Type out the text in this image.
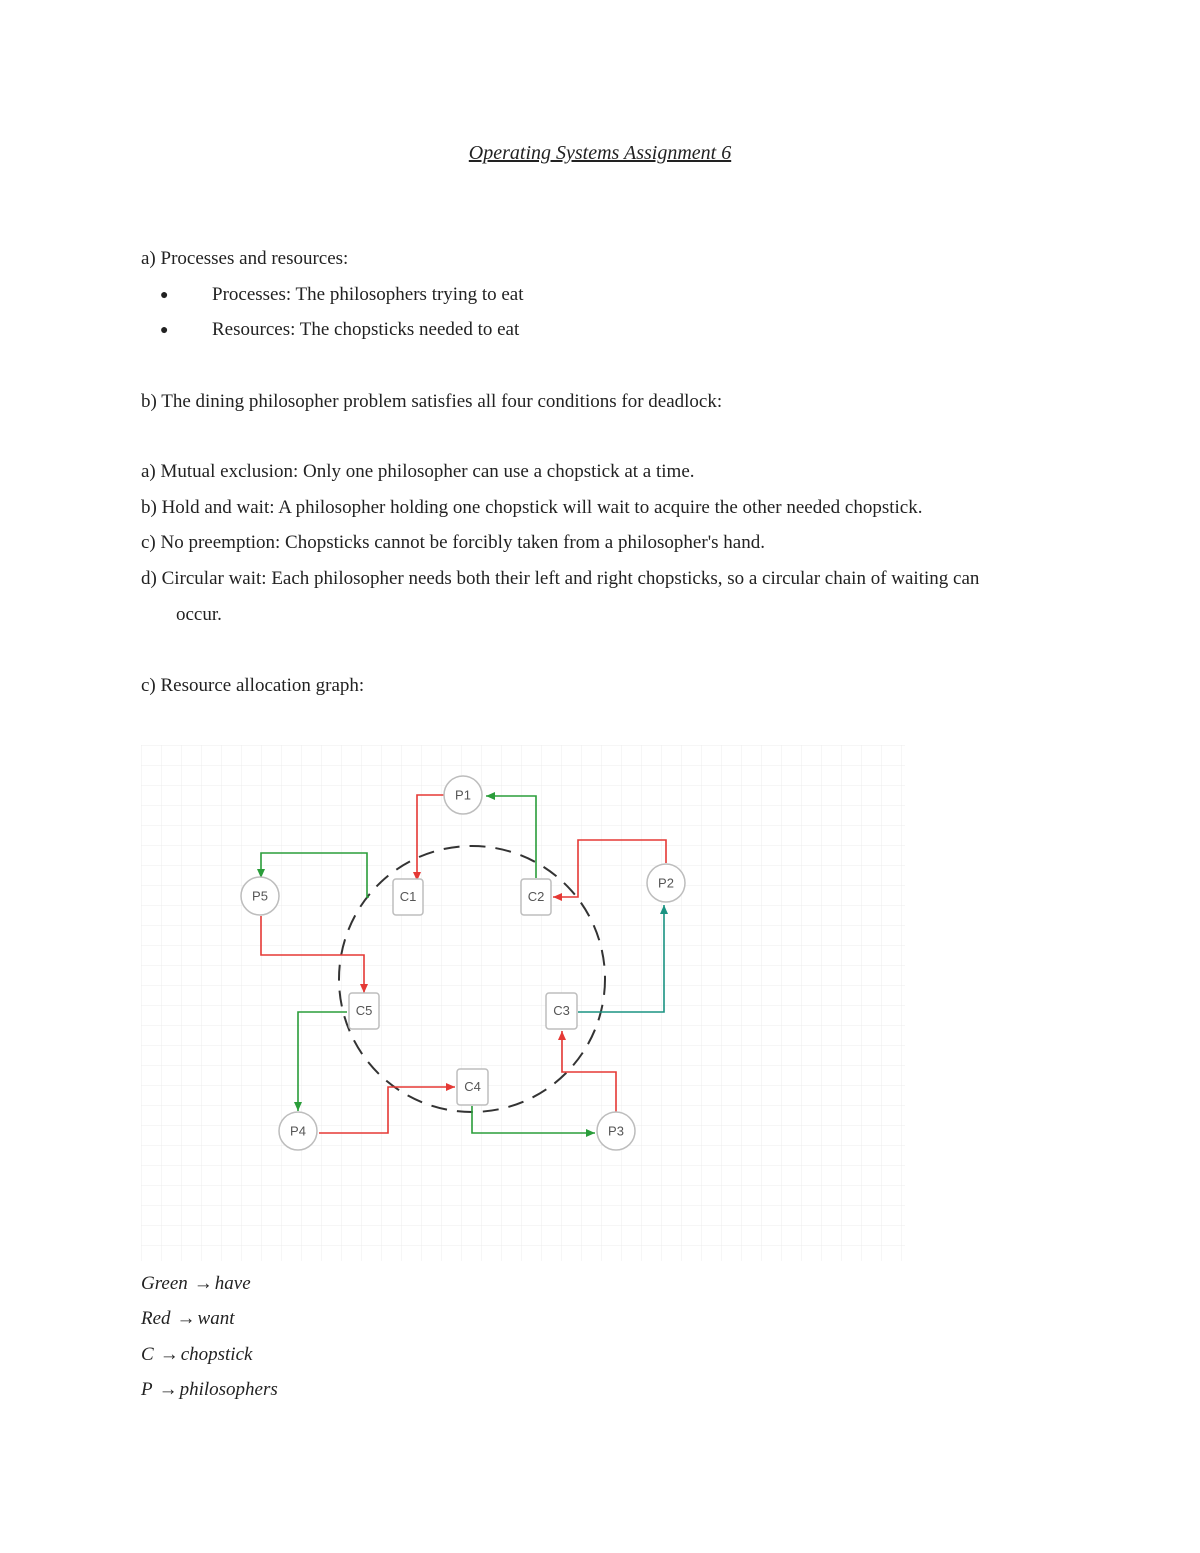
Operating Systems Assignment 6
a) Processes and resources:
● Processes: The philosophers trying to eat
● Resources: The chopsticks needed to eat
b) The dining philosopher problem satisfies all four conditions for deadlock:
a) Mutual exclusion: Only one philosopher can use a chopstick at a time.
b) Hold and wait: A philosopher holding one chopstick will wait to acquire the other needed chopstick.
c) No preemption: Chopsticks cannot be forcibly taken from a philosopher's hand.
d) Circular wait: Each philosopher needs both their left and right chopsticks, so a circular chain of waiting can
occur.
c) Resource allocation graph:
P1
P2
P3
P4
P5	C1	C2
C3
C4
C5
Green → have
Red → want
C → chopstick
P → philosophers
